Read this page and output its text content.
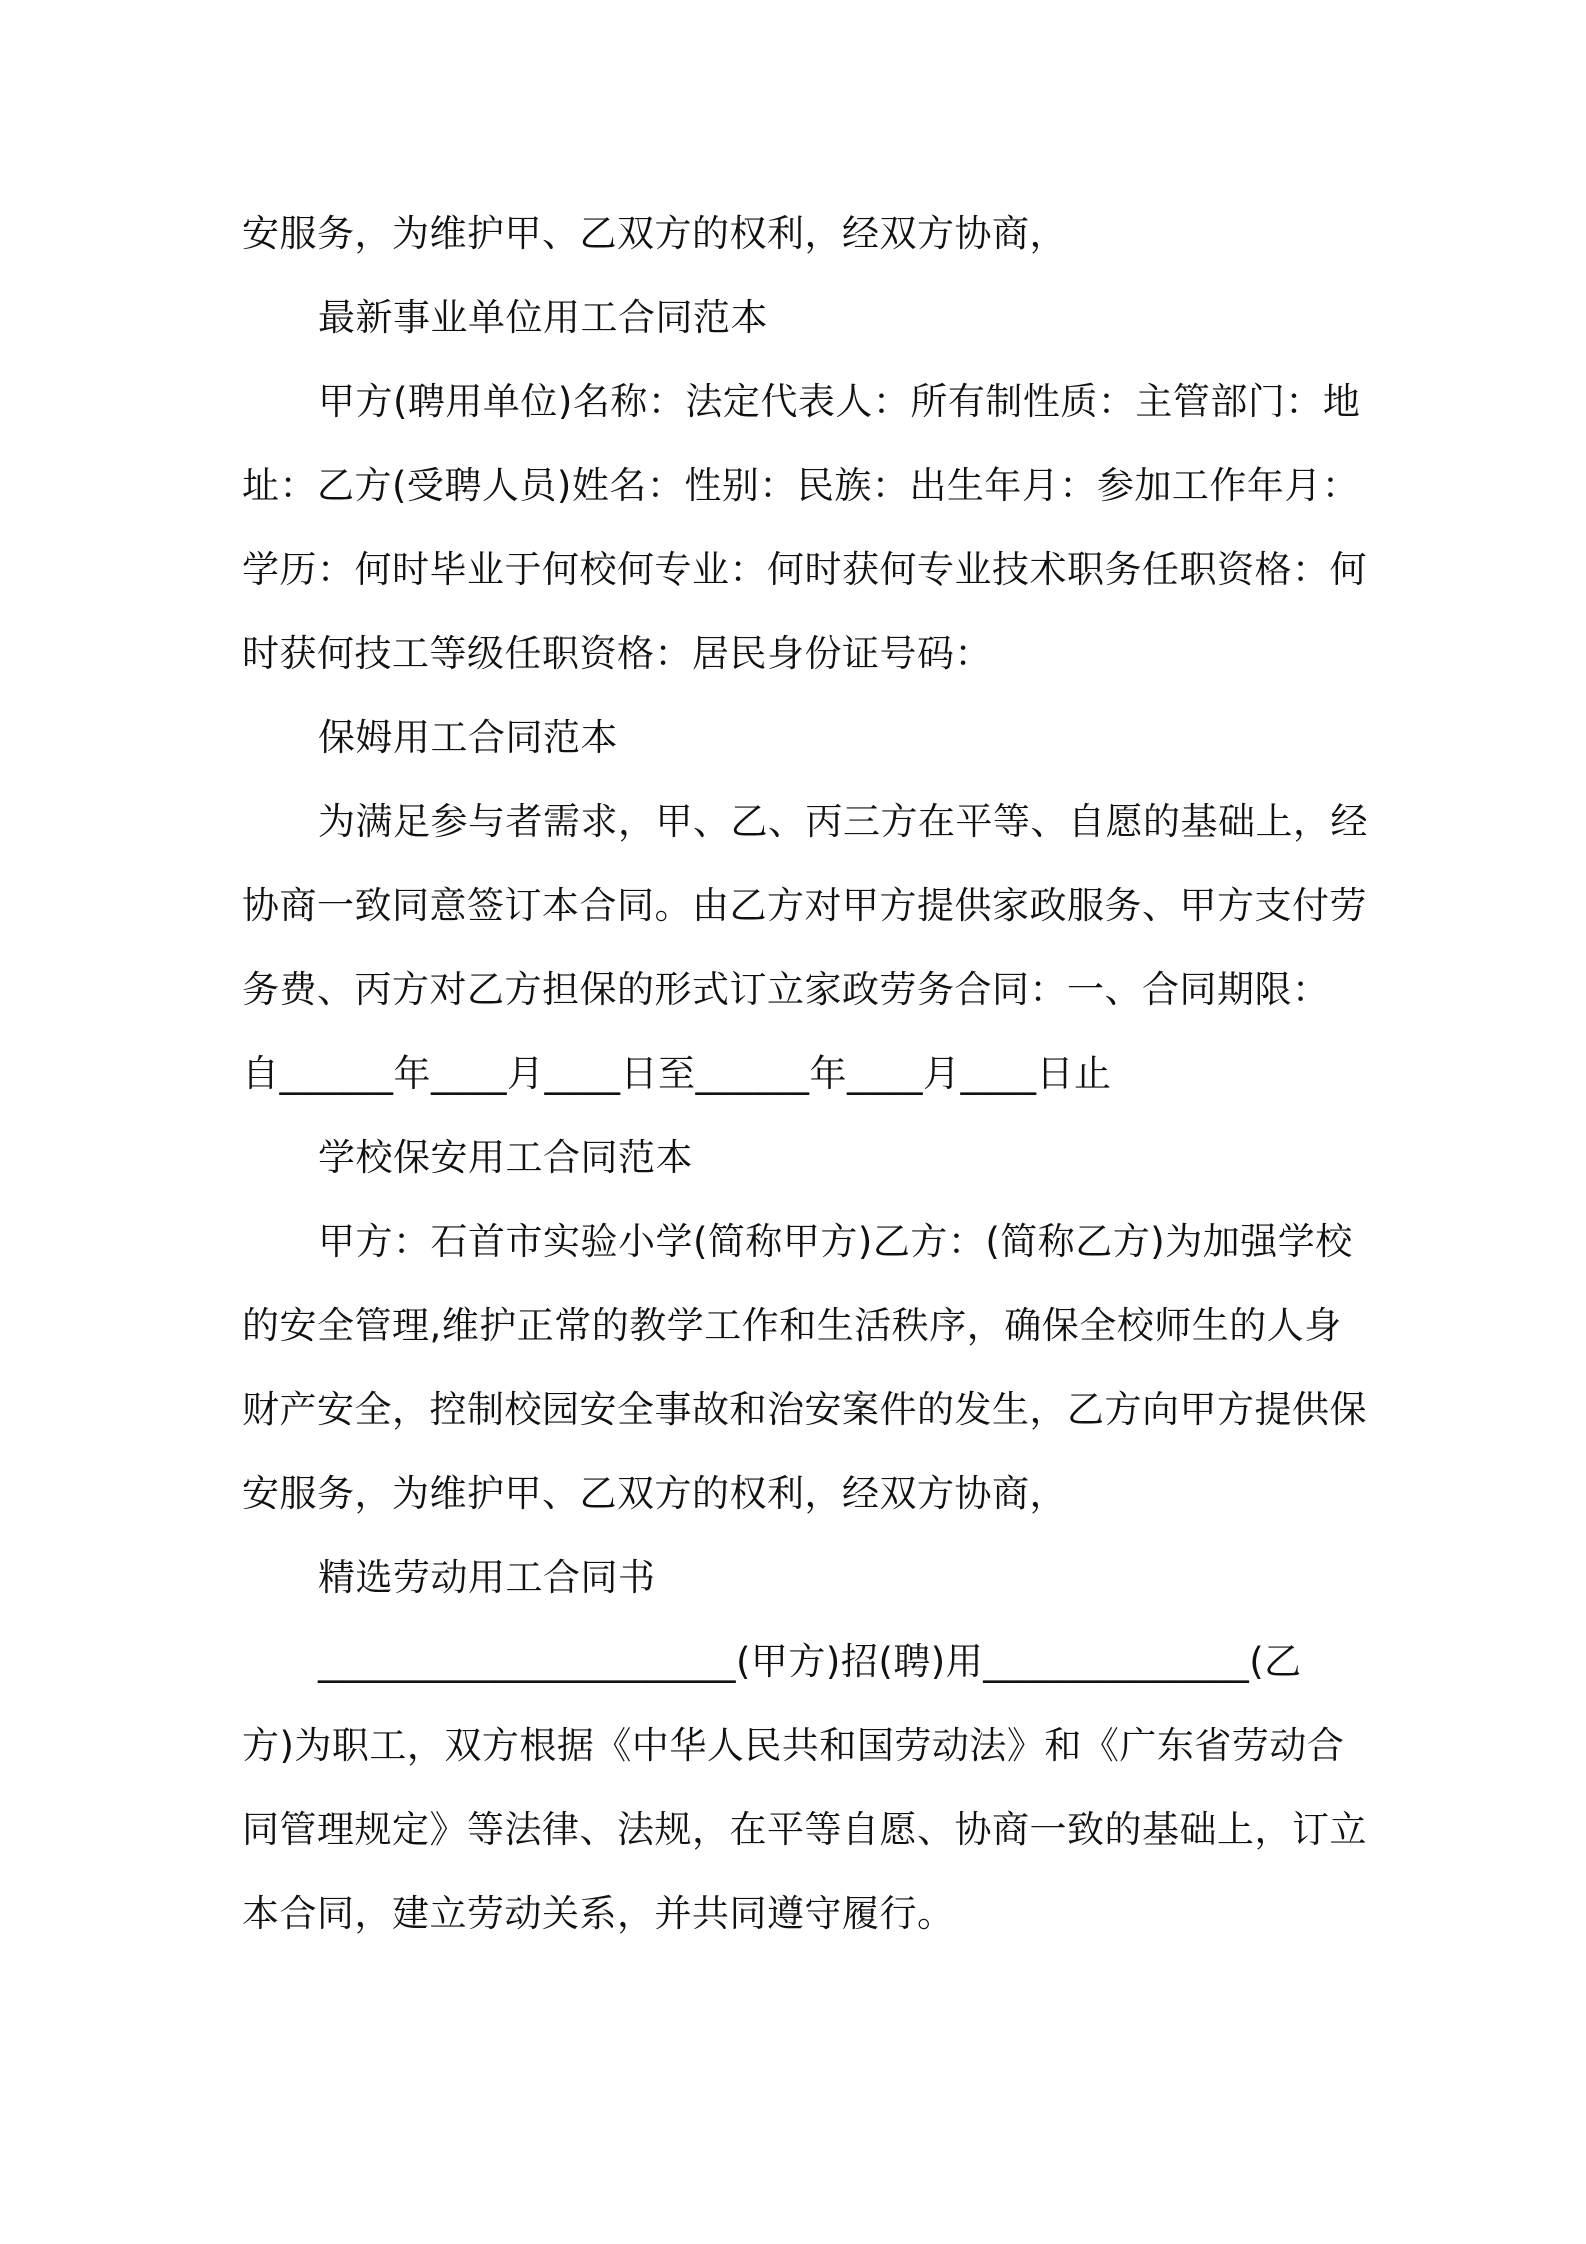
安服务，为维护甲、乙双方的权利，经双方协商，
最新事业单位用工合同范本
甲方(聘用单位)名称：法定代表人：所有制性质：主管部门：地
址：乙方(受聘人员)姓名：性别：民族：出生年月：参加工作年月：
学历：何时毕业于何校何专业：何时获何专业技术职务任职资格：何
时获何技工等级任职资格：居民身份证号码：
保姆用工合同范本
为满足参与者需求，甲、乙、丙三方在平等、自愿的基础上，经
协商一致同意签订本合同。由乙方对甲方提供家政服务、甲方支付劳
务费、丙方对乙方担保的形式订立家政劳务合同：一、合同期限：
自______年____月____日至______年____月____日止
学校保安用工合同范本
甲方：石首市实验小学(简称甲方)乙方：(简称乙方)为加强学校
的安全管理,维护正常的教学工作和生活秩序，确保全校师生的人身
财产安全，控制校园安全事故和治安案件的发生，乙方向甲方提供保
安服务，为维护甲、乙双方的权利，经双方协商，
精选劳动用工合同书
______________________(甲方)招(聘)用______________(乙
方)为职工，双方根据《中华人民共和国劳动法》和《广东省劳动合
同管理规定》等法律、法规，在平等自愿、协商一致的基础上，订立
本合同，建立劳动关系，并共同遵守履行。
